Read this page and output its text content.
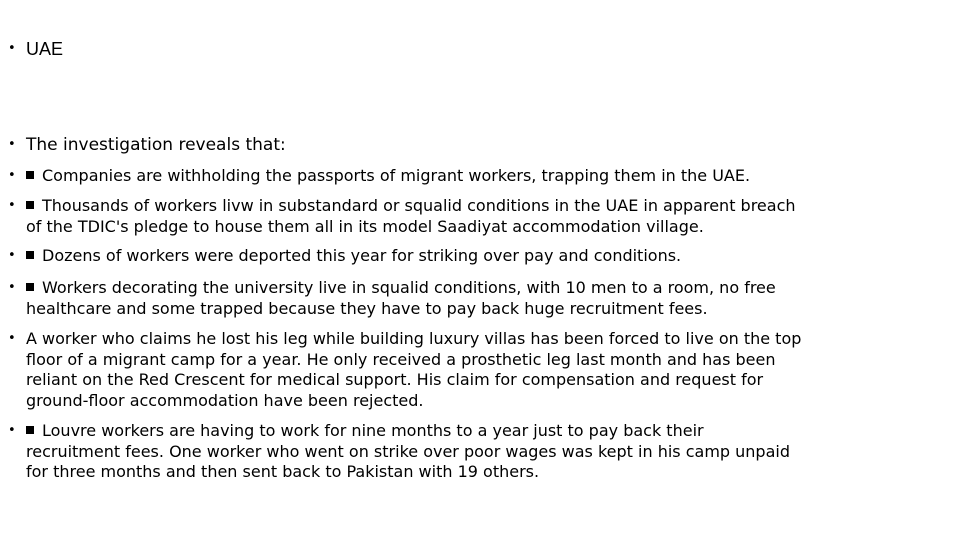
• UAE
• The investigation reveals that:
•	Companies are withholding the passports of migrant workers, trapping them in the UAE.
•	Thousands of workers livw in substandard or squalid conditions in the UAE in apparent breach
of the TDIC's pledge to house them all in its model Saadiyat accommodation village.
•	Dozens of workers were deported this year for striking over pay and conditions.
•	Workers decorating the university live in squalid conditions, with 10 men to a room, no free
healthcare and some trapped because they have to pay back huge recruitment fees.
• A worker who claims he lost his leg while building luxury villas has been forced to live on the top
floor of a migrant camp for a year. He only received a prosthetic leg last month and has been
reliant on the Red Crescent for medical support. His claim for compensation and request for
ground-floor accommodation have been rejected.
•	Louvre workers are having to work for nine months to a year just to pay back their
recruitment fees. One worker who went on strike over poor wages was kept in his camp unpaid
for three months and then sent back to Pakistan with 19 others.
